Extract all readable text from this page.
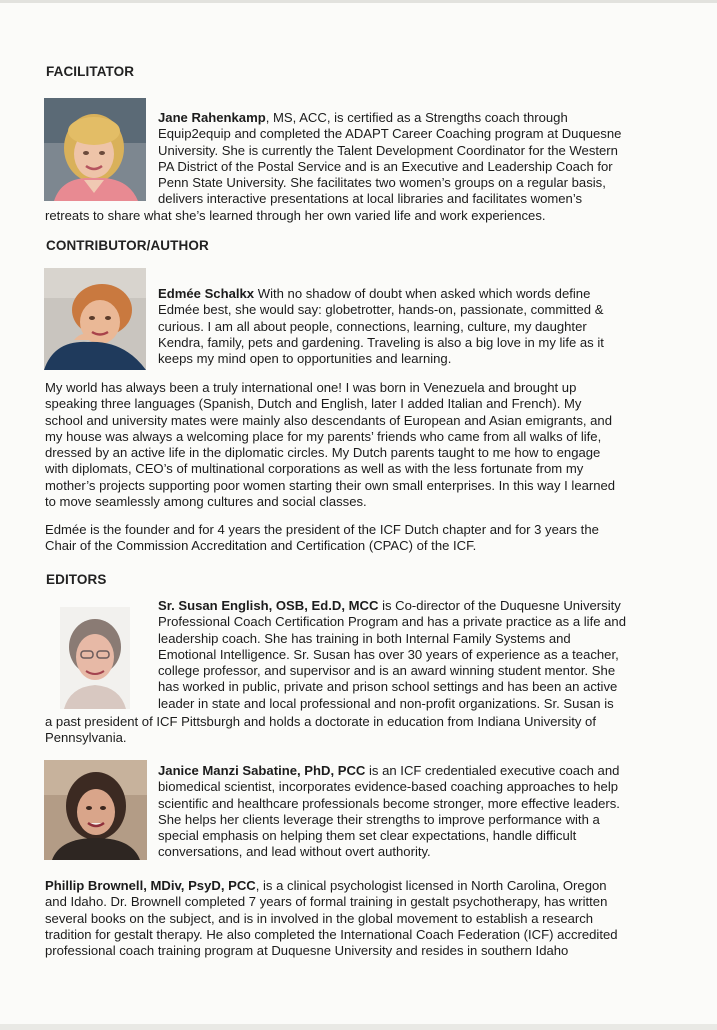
FACILITATOR
Jane Rahenkamp, MS, ACC, is certified as a Strengths coach through
Equip2equip and completed the ADAPT Career Coaching program at Duquesne
University. She is currently the Talent Development Coordinator for the Western
PA District of the Postal Service and is an Executive and Leadership Coach for
Penn State University. She facilitates two women’s groups on a regular basis,
delivers interactive presentations at local libraries and facilitates women’s
retreats to share what she’s learned through her own varied life and work experiences.
CONTRIBUTOR/AUTHOR
Edmée Schalkx With no shadow of doubt when asked which words define
Edmée best, she would say: globetrotter, hands-on, passionate, committed &
curious. I am all about people, connections, learning, culture, my daughter
Kendra, family, pets and gardening. Traveling is also a big love in my life as it
keeps my mind open to opportunities and learning.
My world has always been a truly international one! I was born in Venezuela and brought up
speaking three languages (Spanish, Dutch and English, later I added Italian and French). My
school and university mates were mainly also descendants of European and Asian emigrants, and
my house was always a welcoming place for my parents’ friends who came from all walks of life,
dressed by an active life in the diplomatic circles. My Dutch parents taught to me how to engage
with diplomats, CEO’s of multinational corporations as well as with the less fortunate from my
mother’s projects supporting poor women starting their own small enterprises. In this way I learned
to move seamlessly among cultures and social classes.
Edmée is the founder and for 4 years the president of the ICF Dutch chapter and for 3 years the
Chair of the Commission Accreditation and Certification (CPAC) of the ICF.
EDITORS
Sr. Susan English, OSB, Ed.D, MCC is Co-director of the Duquesne University
Professional Coach Certification Program and has a private practice as a life and
leadership coach. She has training in both Internal Family Systems and
Emotional Intelligence. Sr. Susan has over 30 years of experience as a teacher,
college professor, and supervisor and is an award winning student mentor. She
has worked in public, private and prison school settings and has been an active
leader in state and local professional and non-profit organizations. Sr. Susan is
a past president of ICF Pittsburgh and holds a doctorate in education from Indiana University of
Pennsylvania.
Janice Manzi Sabatine, PhD, PCC is an ICF credentialed executive coach and
biomedical scientist, incorporates evidence-based coaching approaches to help
scientific and healthcare professionals become stronger, more effective leaders.
She helps her clients leverage their strengths to improve performance with a
special emphasis on helping them set clear expectations, handle difficult
conversations, and lead without overt authority.
Phillip Brownell, MDiv, PsyD, PCC, is a clinical psychologist licensed in North Carolina, Oregon
and Idaho. Dr. Brownell completed 7 years of formal training in gestalt psychotherapy, has written
several books on the subject, and is in involved in the global movement to establish a research
tradition for gestalt therapy. He also completed the International Coach Federation (ICF) accredited
professional coach training program at Duquesne University and resides in southern Idaho
